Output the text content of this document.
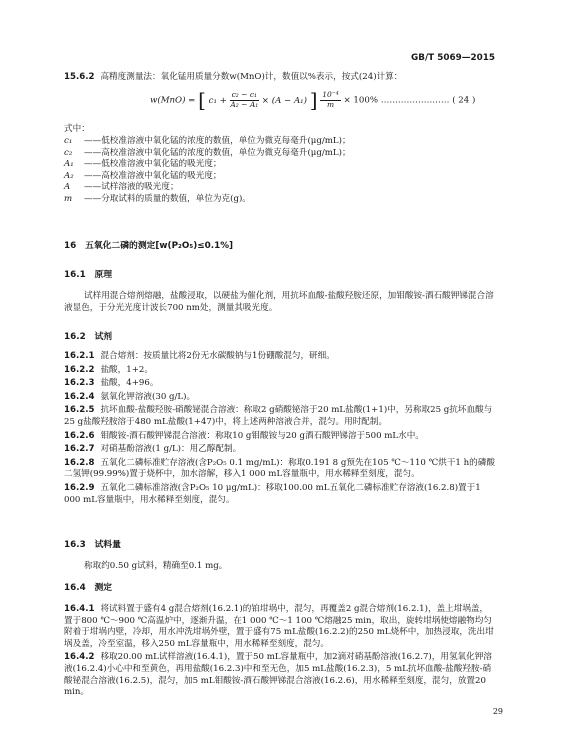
GB/T 5069—2015
15.6.2 高精度测量法：氧化锰用质量分数w(MnO)计，数值以%表示，按式(24)计算：
w(MnO) = [ $c_1 + \frac{\text{c₂ − c₁}}{\text{A₂ − A₁}} \times (A - A_1)$ ] $\frac{\text{10⁻⁴}}{m} \times 100\%$ …………………… ( 24 )
式中：
c₁ ——低校准溶液中氧化锰的浓度的数值，单位为微克每毫升(μg/mL)；
c₂ ——高校准溶液中氧化锰的浓度的数值，单位为微克每毫升(μg/mL)；
A₁ ——低校准溶液中氧化锰的吸光度；
A₂ ——高校准溶液中氧化锰的吸光度；
A ——试样溶液的吸光度；
m ——分取试料的质量的数值，单位为克(g)。
16　五氧化二磷的测定[w(P₂O₅)≤0.1%]
16.1　原理
试样用混合熔剂熔融，盐酸浸取，以硬盐为催化剂，用抗坏血酸-盐酸羟胺还原，加钼酸铵-酒石酸钾锑混合溶液显色，于分光光度计波长700 nm处，测量其吸光度。
16.2　试剂
16.2.1 混合熔剂：按质量比将2份无水碳酸钠与1份硼酸混匀，研细。
16.2.2 盐酸，1+2。
16.2.3 盐酸，4+96。
16.2.4 氨氧化钾溶液(30 g/L)。
16.2.5 抗坏血酸-盐酸羟胺-硝酸铋混合溶液：称取2 g硝酸铋溶于20 mL盐酸(1+1)中，另称取25 g抗坏血酸与25 g盐酸羟胺溶于480 mL盐酸(1+47)中，将上述两种溶液合并，混匀。用时配制。
16.2.6 钼酸铵-酒石酸钾锑混合溶液：称取10 g钼酸铵与20 g酒石酸钾锑溶于500 mL水中。
16.2.7 对硝基酚溶液(1 g/L)：用乙醇配制。
16.2.8 五氧化二磷标准贮存溶液(含P₂O₅ 0.1 mg/mL)：称取0.191 8 g预先在105 ℃～110 ℃烘干1 h的磷酸二氢钾(99.99%)置于烧杯中，加水溶解，移入1 000 mL容量瓶中，用水稀释至刻度，混匀。
16.2.9 五氧化二磷标准溶液(含P₂O₅ 10 μg/mL)：移取100.00 mL五氧化二磷标准贮存溶液(16.2.8)置于1 000 mL容量瓶中，用水稀释至刻度，混匀。
16.3　试料量
称取约0.50 g试料，精确至0.1 mg。
16.4　测定
16.4.1 将试料置于盛有4 g混合熔剂(16.2.1)的铂坩埚中，混匀，再覆盖2 g混合熔剂(16.2.1)，盖上坩埚盖，置于800 ℃～900 ℃高温炉中，逐渐升温，在1 000 ℃～1 100 ℃熔融25 min，取出，旋转坩埚使熔融物均匀附着于坩埚内壁，冷却，用水冲洗坩埚外壁，置于盛有75 mL盐酸(16.2.2)的250 mL烧杯中，加热浸取，洗出坩埚及盖，冷至室温，移入250 mL容量瓶中，用水稀释至刻度，混匀。
16.4.2 移取20.00 mL试样溶液(16.4.1)，置于50 mL容量瓶中，加2滴对硝基酚溶液(16.2.7)，用氢氧化钾溶液(16.2.4)小心中和至黄色，再用盐酸(16.2.3)中和至无色，加5 mL盐酸(16.2.3)，5 mL抗坏血酸-盐酸羟胺-硝酸铋混合溶液(16.2.5)，混匀，加5 mL钼酸铵-酒石酸钾锑混合溶液(16.2.6)，用水稀释至刻度，混匀，放置20 min。
29
